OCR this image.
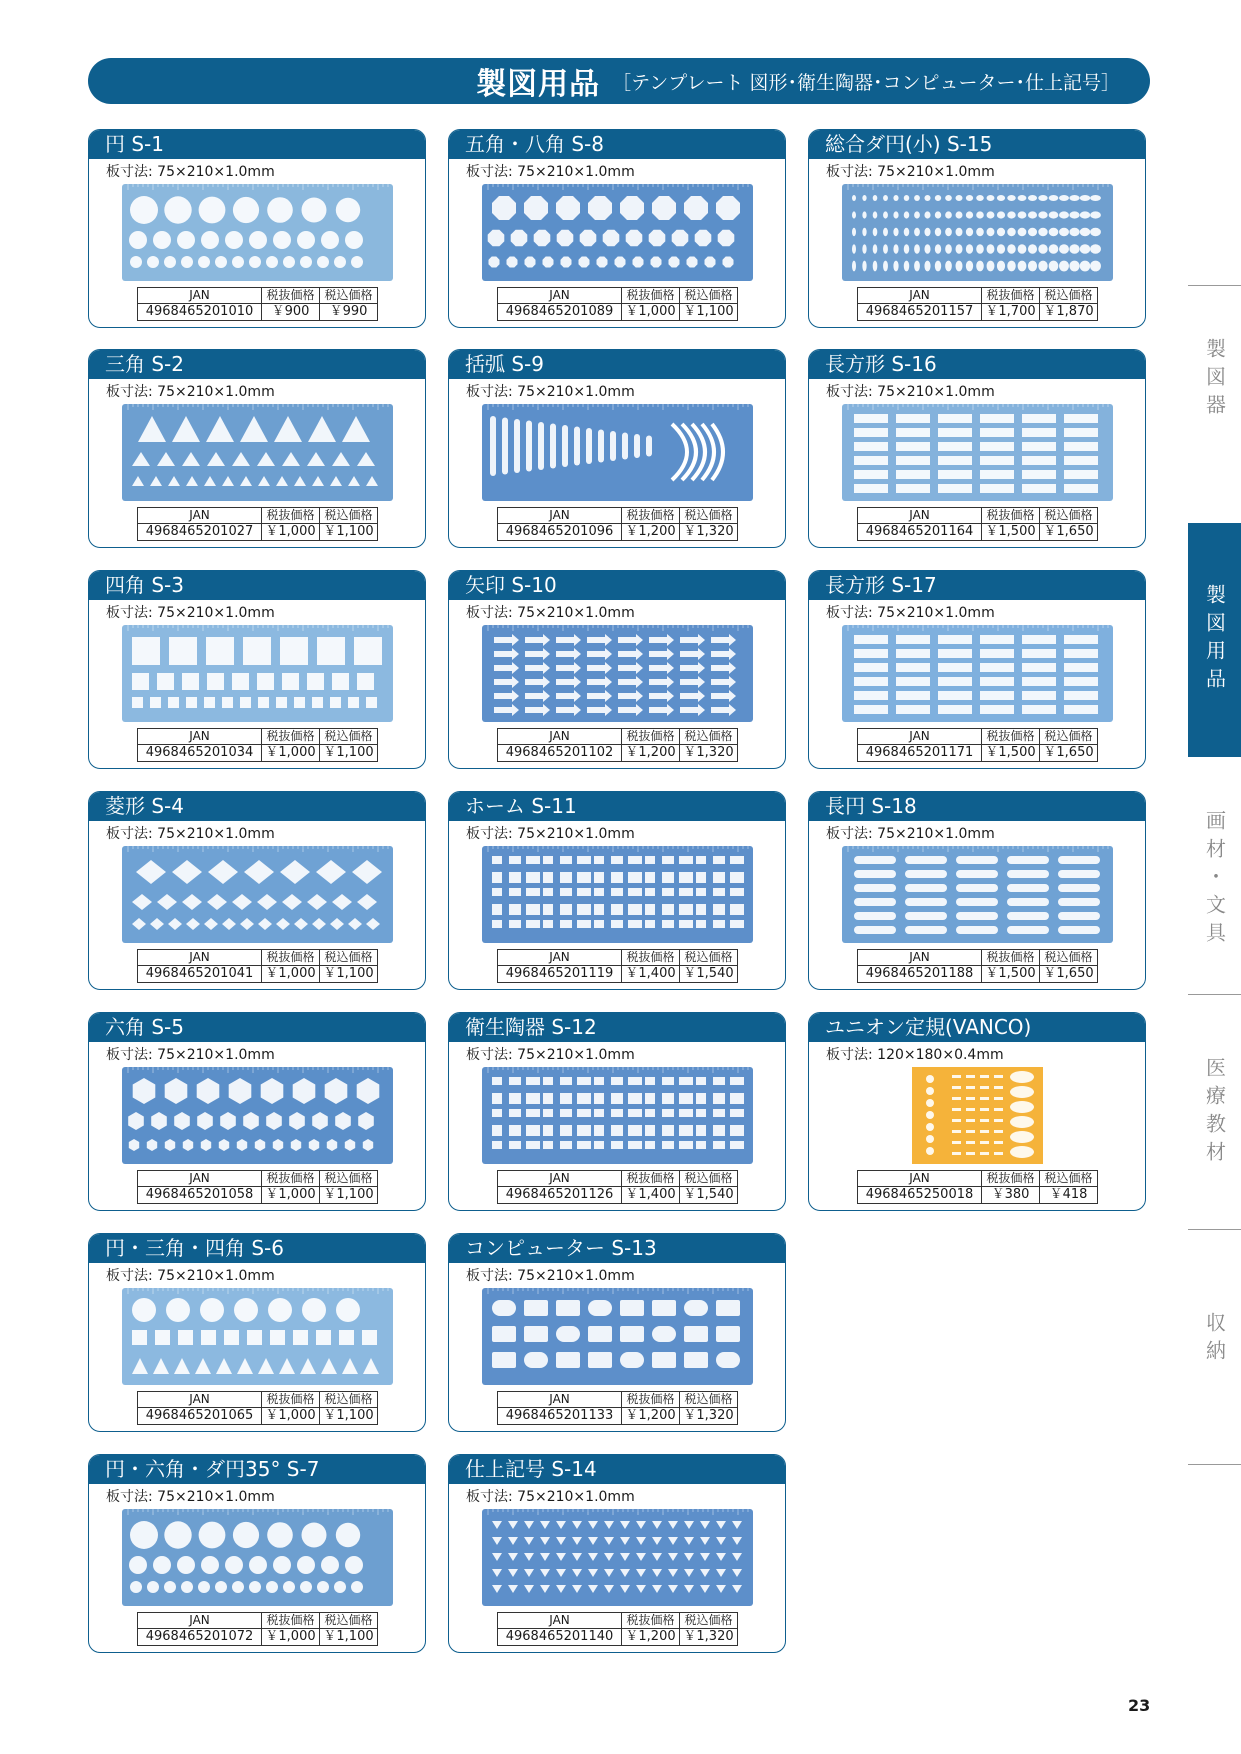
製図用品 ［テンプレート 図形･衛生陶器･コンピューター･仕上記号］
円 S-1
板寸法: 75×210×1.0mm
JAN	税抜価格	税込価格
4968465201010	￥900	￥990
五角・八角 S-8
板寸法: 75×210×1.0mm
JAN	税抜価格	税込価格
4968465201089	￥1,000	￥1,100
総合ダ円(小) S-15
板寸法: 75×210×1.0mm
JAN	税抜価格	税込価格
4968465201157	￥1,700	￥1,870
三角 S-2
板寸法: 75×210×1.0mm
JAN	税抜価格	税込価格
4968465201027	￥1,000	￥1,100
括弧 S-9
板寸法: 75×210×1.0mm
JAN	税抜価格	税込価格
4968465201096	￥1,200	￥1,320
長方形 S-16
板寸法: 75×210×1.0mm
JAN	税抜価格	税込価格
4968465201164	￥1,500	￥1,650
四角 S-3
板寸法: 75×210×1.0mm
JAN	税抜価格	税込価格
4968465201034	￥1,000	￥1,100
矢印 S-10
板寸法: 75×210×1.0mm
JAN	税抜価格	税込価格
4968465201102	￥1,200	￥1,320
長方形 S-17
板寸法: 75×210×1.0mm
JAN	税抜価格	税込価格
4968465201171	￥1,500	￥1,650
菱形 S-4
板寸法: 75×210×1.0mm
JAN	税抜価格	税込価格
4968465201041	￥1,000	￥1,100
ホーム S-11
板寸法: 75×210×1.0mm
JAN	税抜価格	税込価格
4968465201119	￥1,400	￥1,540
長円 S-18
板寸法: 75×210×1.0mm
JAN	税抜価格	税込価格
4968465201188	￥1,500	￥1,650
六角 S-5
板寸法: 75×210×1.0mm
JAN	税抜価格	税込価格
4968465201058	￥1,000	￥1,100
衛生陶器 S-12
板寸法: 75×210×1.0mm
JAN	税抜価格	税込価格
4968465201126	￥1,400	￥1,540
ユニオン定規(VANCO)
板寸法: 120×180×0.4mm
JAN	税抜価格	税込価格
4968465250018	￥380	￥418
円・三角・四角 S-6
板寸法: 75×210×1.0mm
JAN	税抜価格	税込価格
4968465201065	￥1,000	￥1,100
コンピューター S-13
板寸法: 75×210×1.0mm
JAN	税抜価格	税込価格
4968465201133	￥1,200	￥1,320
円・六角・ダ円35° S-7
板寸法: 75×210×1.0mm
JAN	税抜価格	税込価格
4968465201072	￥1,000	￥1,100
仕上記号 S-14
板寸法: 75×210×1.0mm
JAN	税抜価格	税込価格
4968465201140	￥1,200	￥1,320
製図器
製図用品
画材・文具
医療教材
収納
23
